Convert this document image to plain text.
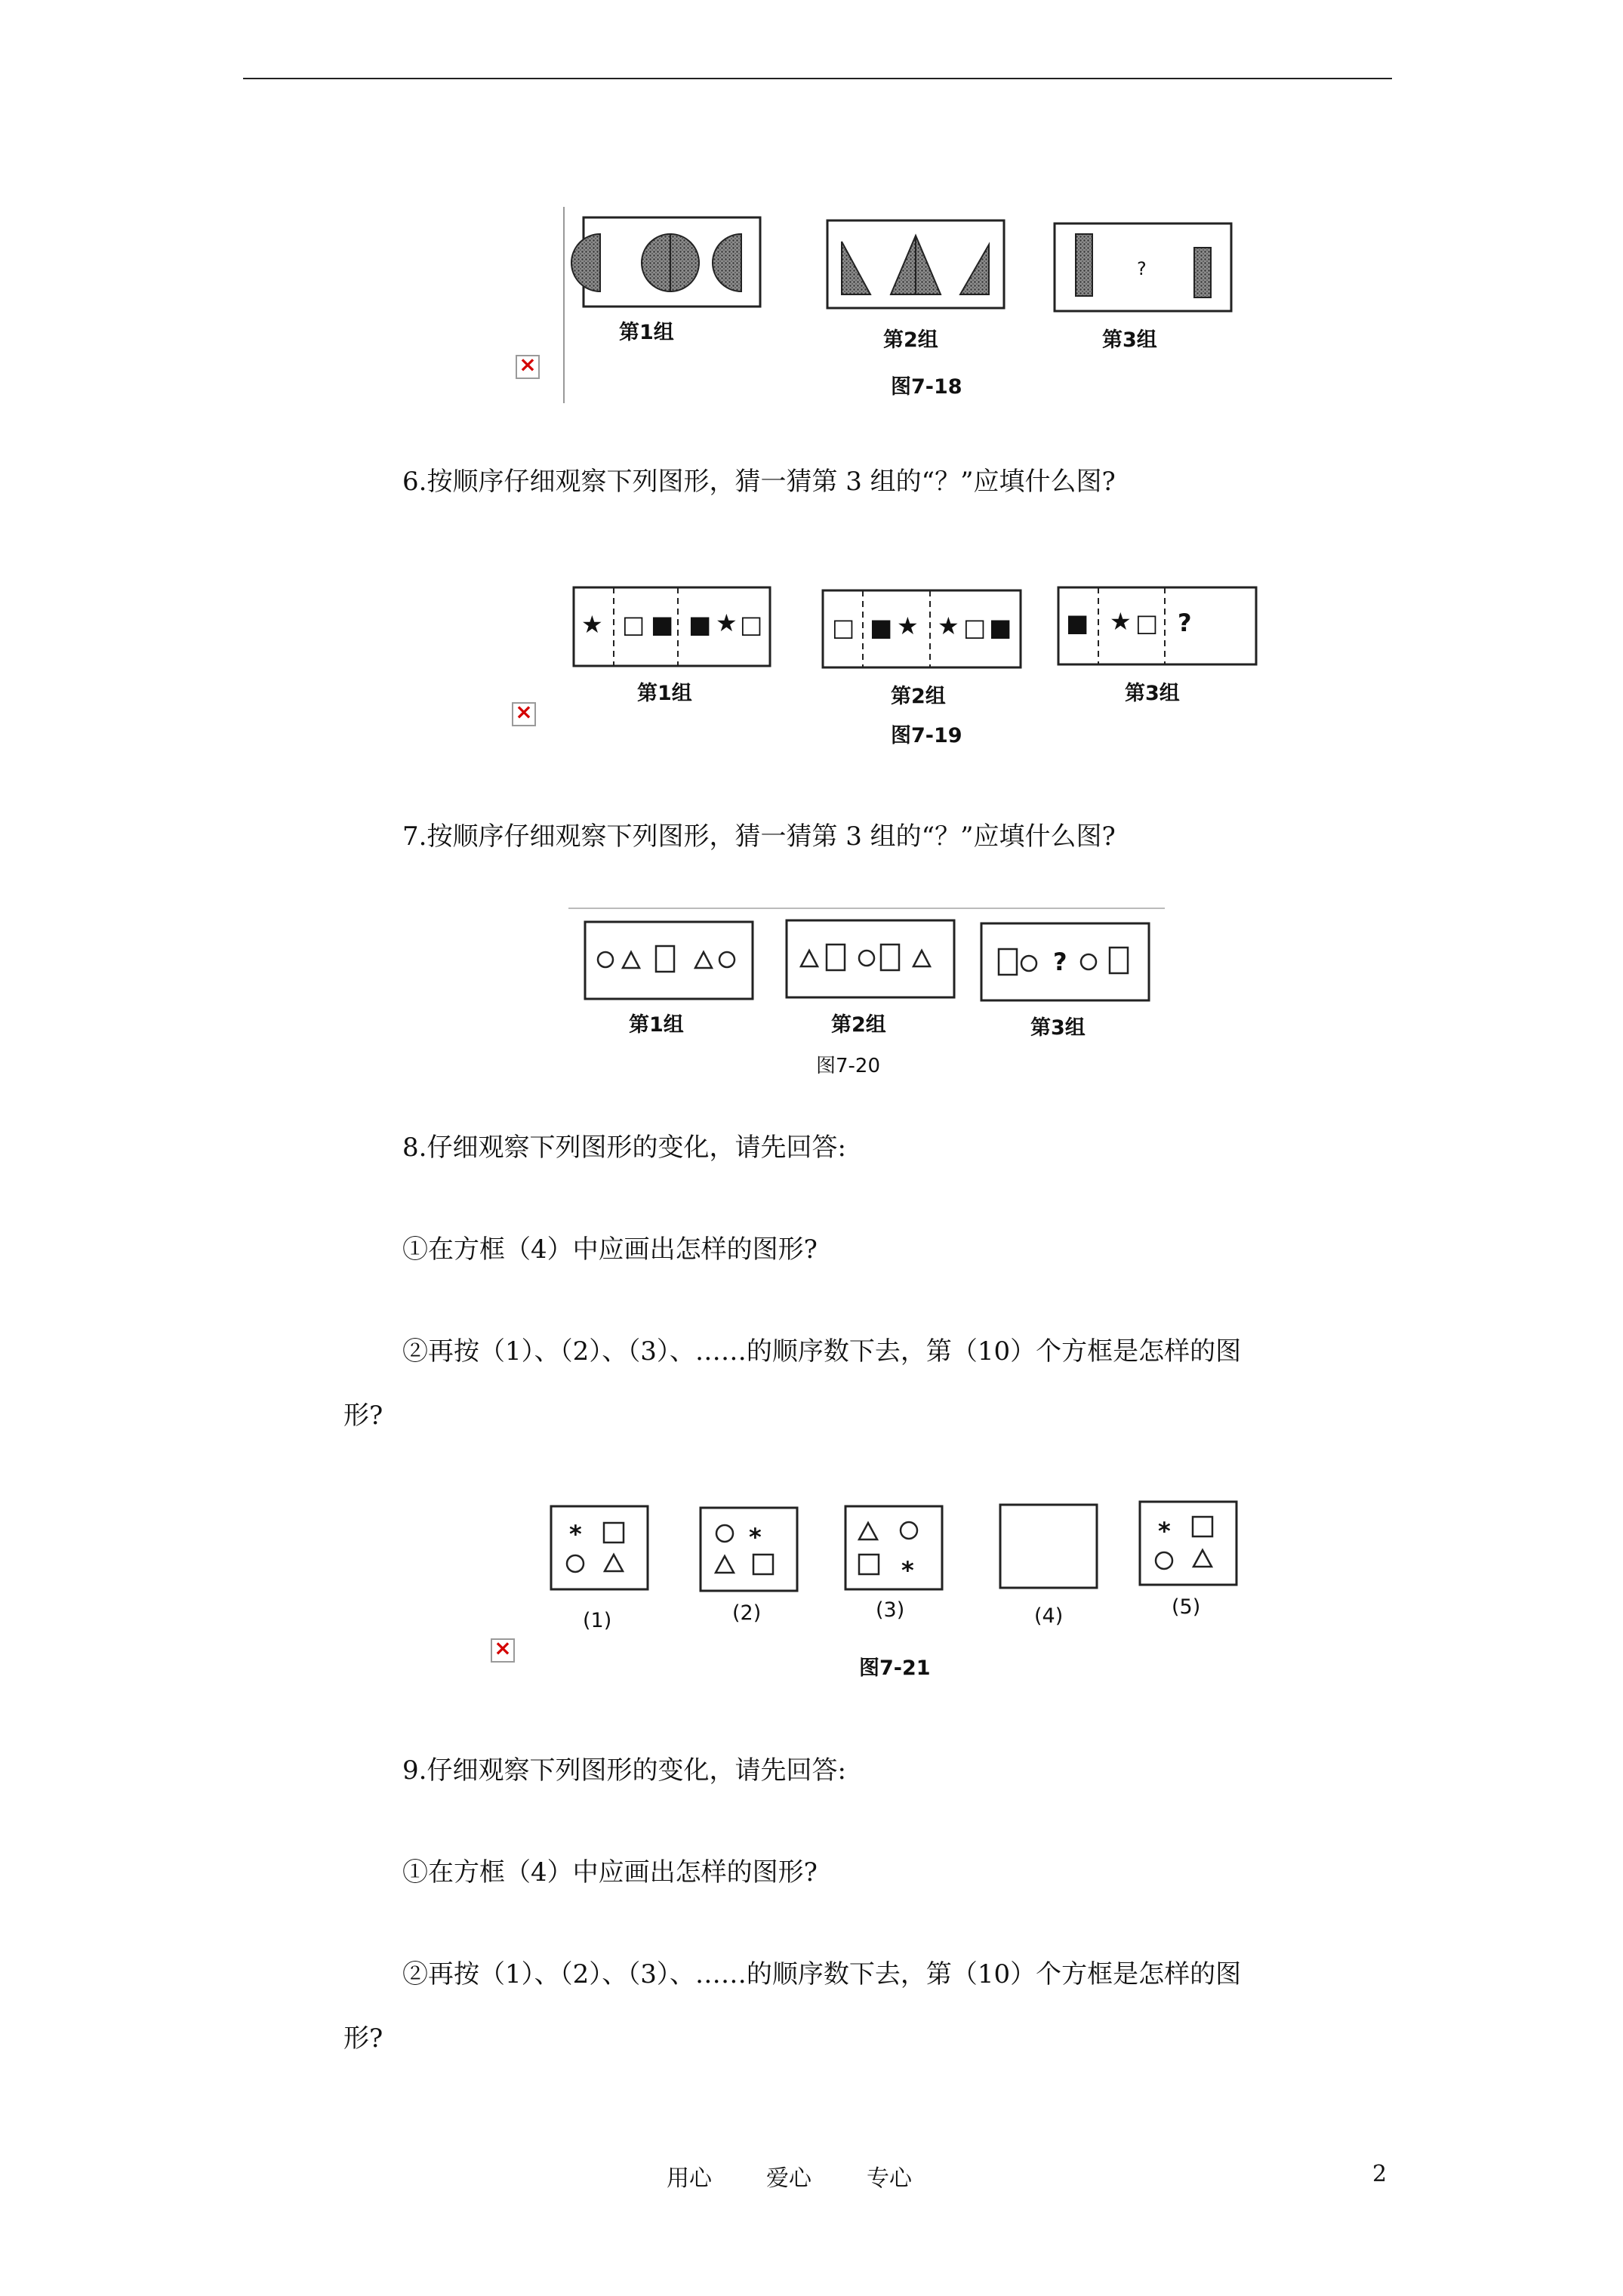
?
第1组	第2组	第3组
图7-18
×
6.按顺序仔细观察下列图形，猜一猜第 3 组的“？”应填什么图?
★ □ ■ ■ ★ □	□ ■ ★ ★ □ ■ ■ ★ □ ?
第1组	第2组	第3组
图7-19
×
7.按顺序仔细观察下列图形，猜一猜第 3 组的“？”应填什么图?
?
第1组	第2组	第3组
图7-20
8.仔细观察下列图形的变化，请先回答:
①在方框（4）中应画出怎样的图形?
②再按（1）、（2）、（3）、……的顺序数下去，第（10）个方框是怎样的图
形?
*	*
*
*
(1)	(2)	(3)	(4)	(5)
图7-21
×
9.仔细观察下列图形的变化，请先回答:
①在方框（4）中应画出怎样的图形?
②再按（1）、（2）、（3）、……的顺序数下去，第（10）个方框是怎样的图
形?
用心 爱心 专心	2
